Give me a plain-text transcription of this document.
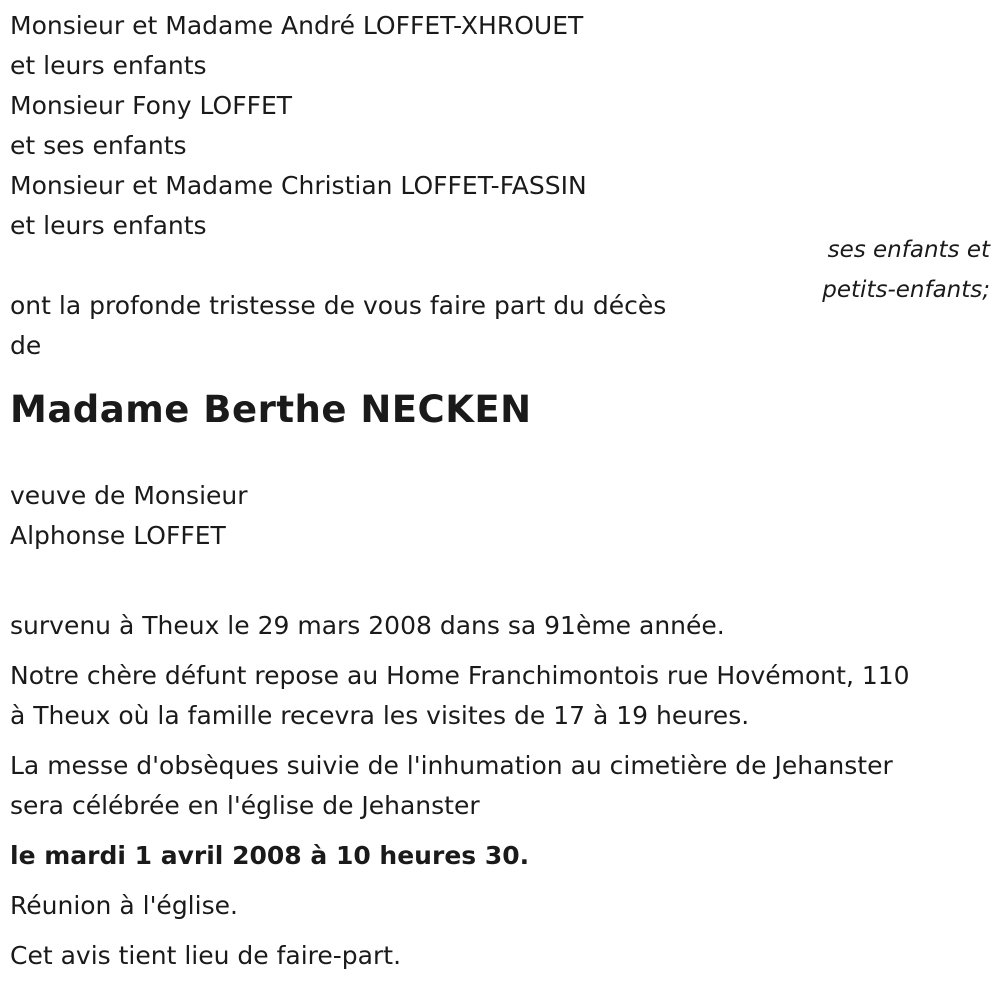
Monsieur et Madame André LOFFET-XHROUET
et leurs enfants
Monsieur Fony LOFFET
et ses enfants
Monsieur et Madame Christian LOFFET-FASSIN
et leurs enfants
ont la profonde tristesse de vous faire part du décès
de
Madame Berthe NECKEN
veuve de Monsieur
Alphonse LOFFET
survenu à Theux le 29 mars 2008 dans sa 91ème année.
Notre chère défunt repose au Home Franchimontois rue Hovémont, 110
à Theux où la famille recevra les visites de 17 à 19 heures.
La messe d'obsèques suivie de l'inhumation au cimetière de Jehanster
sera célébrée en l'église de Jehanster
le mardi 1 avril 2008 à 10 heures 30.
Réunion à l'église.
Cet avis tient lieu de faire-part.
ses enfants et
petits-enfants;
